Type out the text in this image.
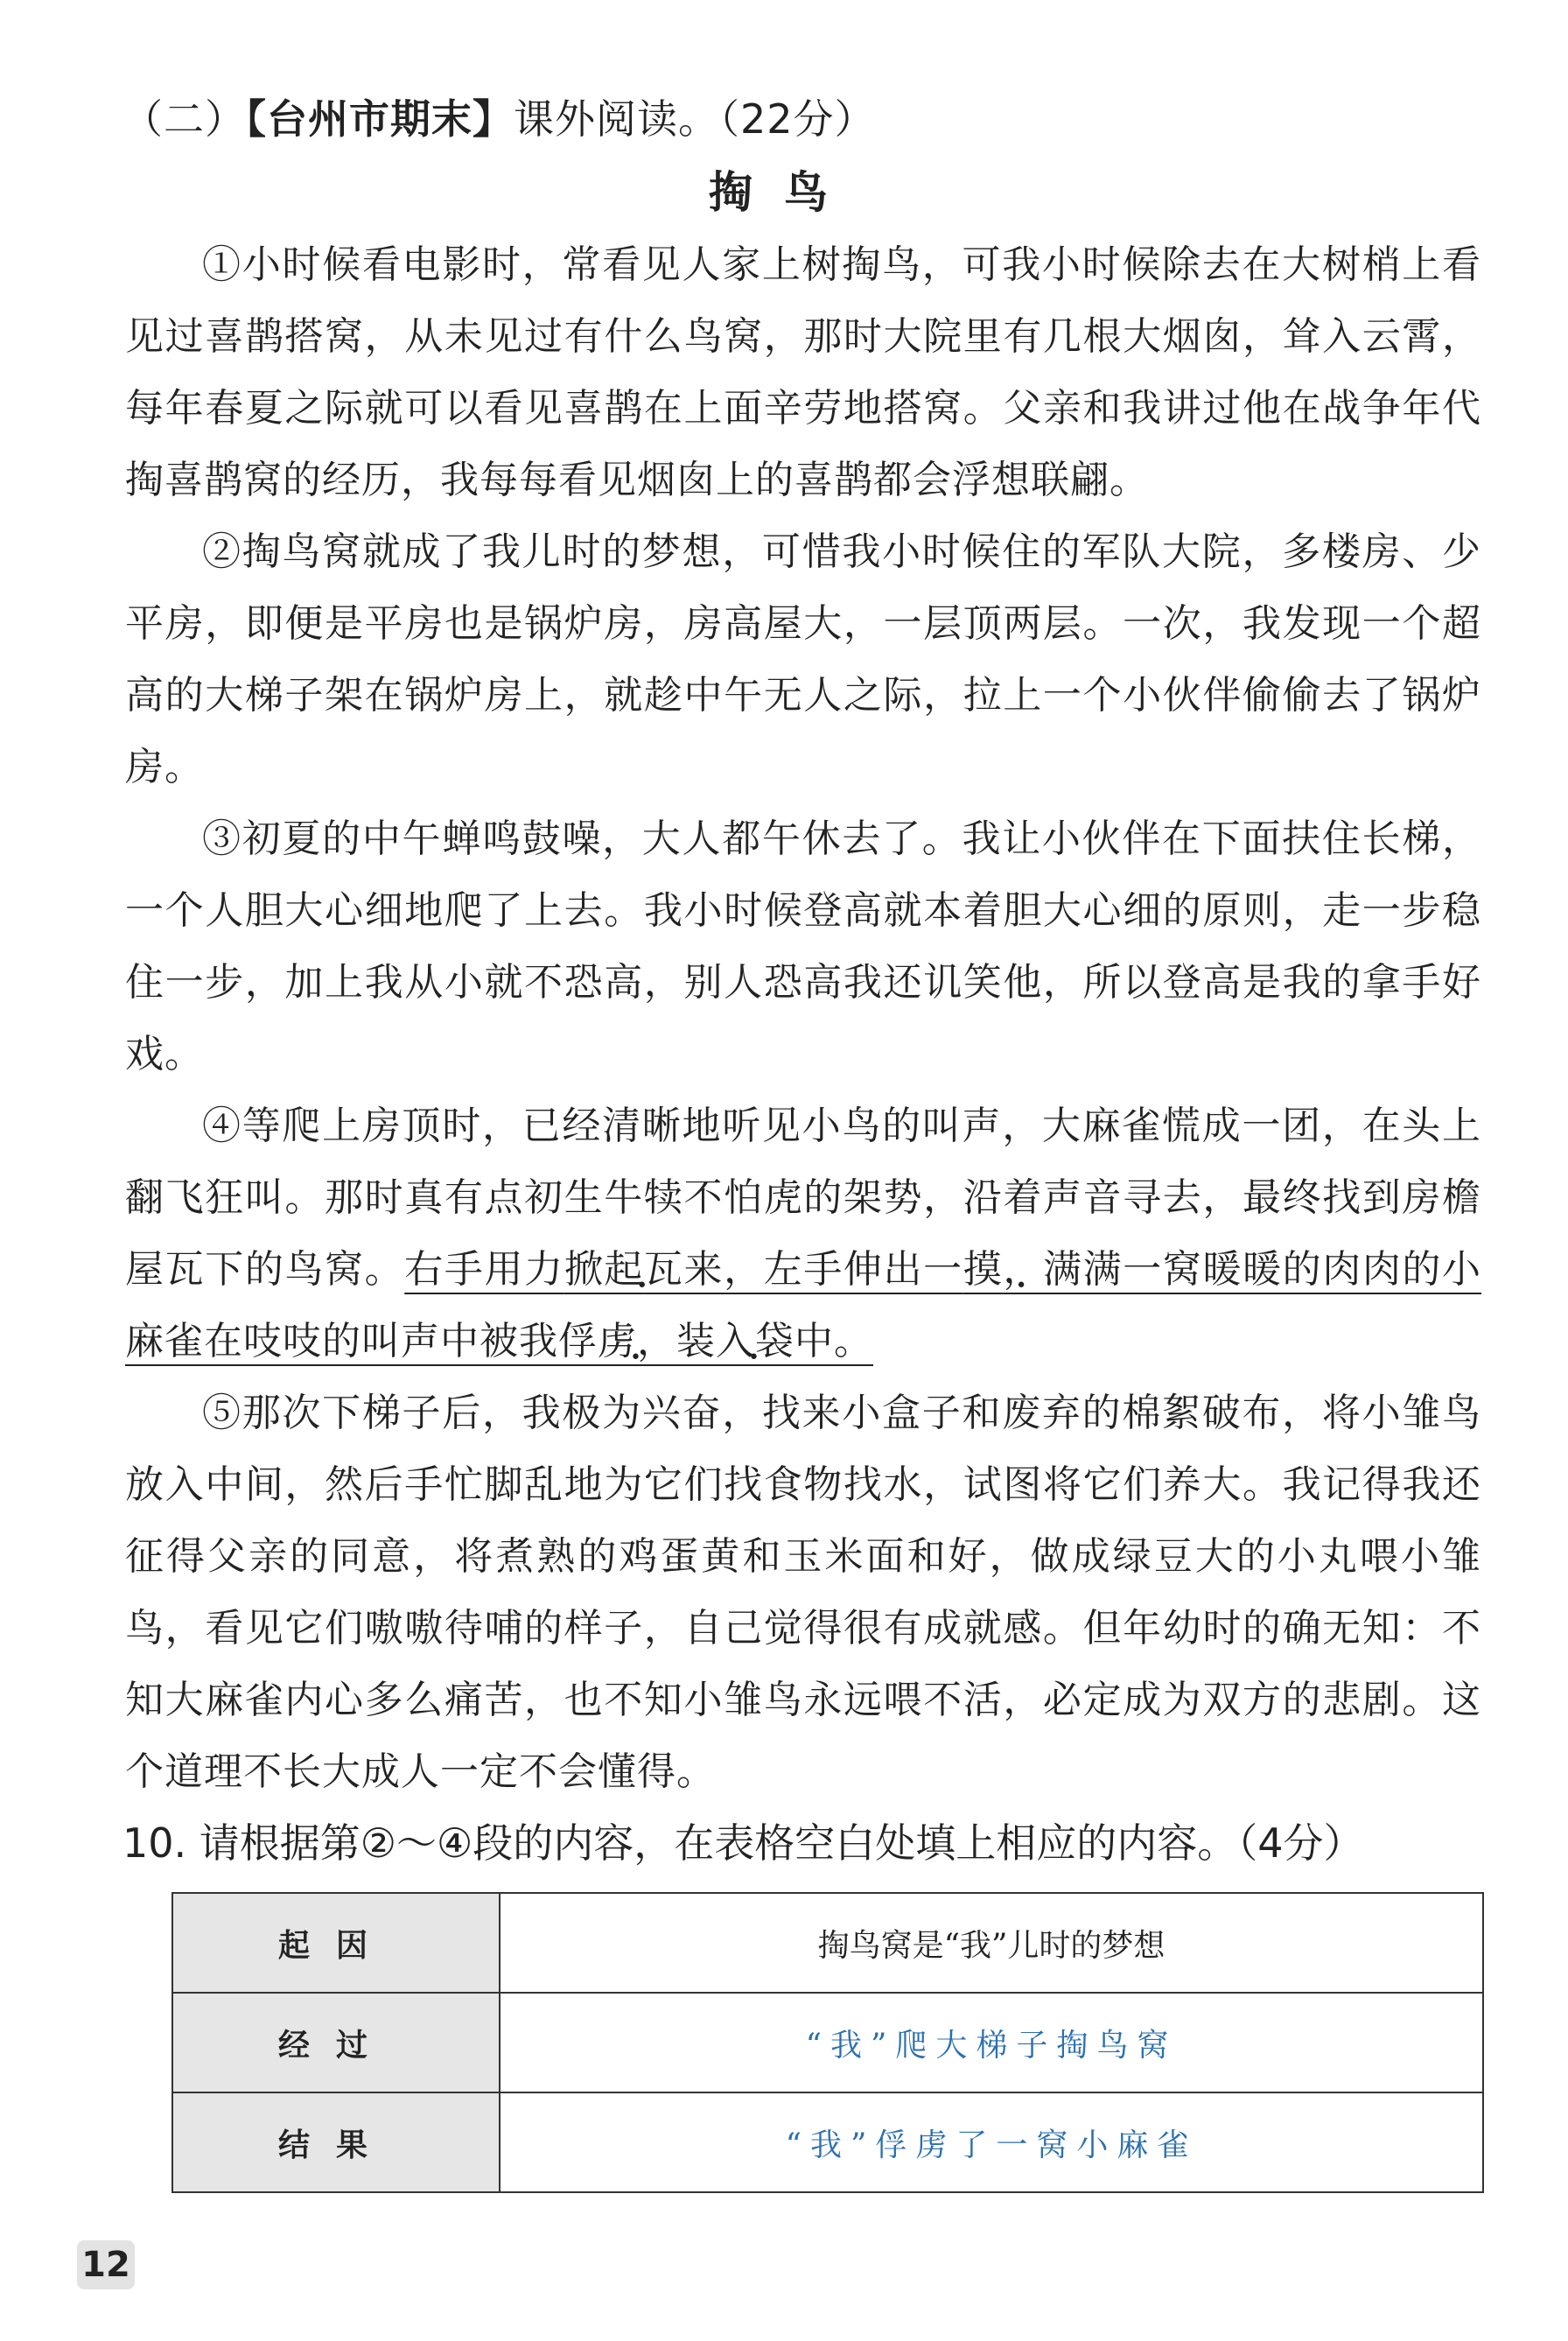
（二）【台州市期末】课外阅读。（22分）
掏鸟

①小时候看电影时，常看见人家上树掏鸟，可我小时候除去在大树梢上看见过喜鹊搭窝，从未见过有什么鸟窝，那时大院里有几根大烟囱，耸入云霄，每年春夏之际就可以看见喜鹊在上面辛劳地搭窝。父亲和我讲过他在战争年代掏喜鹊窝的经历，我每每看见烟囱上的喜鹊都会浮想联翩。

②掏鸟窝就成了我儿时的梦想，可惜我小时候住的军队大院，多楼房、少平房，即便是平房也是锅炉房，房高屋大，一层顶两层。一次，我发现一个超高的大梯子架在锅炉房上，就趁中午无人之际，拉上一个小伙伴偷偷去了锅炉房。

③初夏的中午蝉鸣鼓噪，大人都午休去了。我让小伙伴在下面扶住长梯，一个人胆大心细地爬了上去。我小时候登高就本着胆大心细的原则，走一步稳住一步，加上我从小就不恐高，别人恐高我还讥笑他，所以登高是我的拿手好戏。

④等爬上房顶时，已经清晰地听见小鸟的叫声，大麻雀慌成一团，在头上翻飞狂叫。那时真有点初生牛犊不怕虎的架势，沿着声音寻去，最终找到房檐屋瓦下的鸟窝。右手用力掀起瓦来，左手伸出一摸，满满一窝暖暖的肉肉的小麻雀在吱吱的叫声中被我俘虏，装入袋中。

⑤那次下梯子后，我极为兴奋，找来小盒子和废弃的棉絮破布，将小雏鸟放入中间，然后手忙脚乱地为它们找食物找水，试图将它们养大。我记得我还征得父亲的同意，将煮熟的鸡蛋黄和玉米面和好，做成绿豆大的小丸喂小雏鸟，看见它们嗷嗷待哺的样子，自己觉得很有成就感。但年幼时的确无知：不知大麻雀内心多么痛苦，也不知小雏鸟永远喂不活，必定成为双方的悲剧。这个道理不长大成人一定不会懂得。

10. 请根据第②～④段的内容，在表格空白处填上相应的内容。（4分）
起因	掏鸟窝是“我”儿时的梦想
经过	“我”爬大梯子掏鸟窝
结果	“我”俘虏了一窝小麻雀
12
